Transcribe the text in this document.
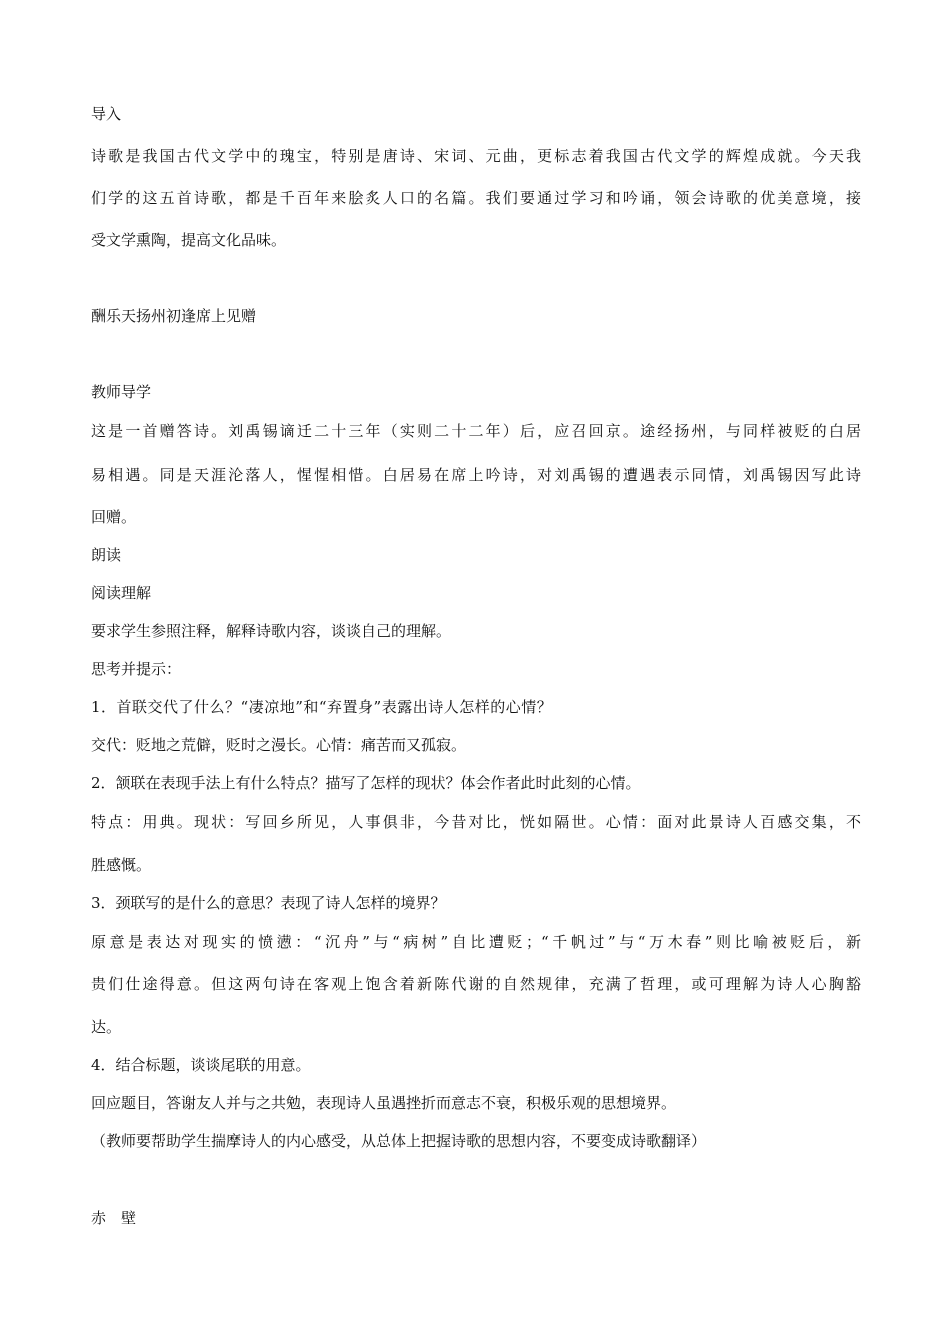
导入
诗歌是我国古代文学中的瑰宝，特别是唐诗、宋词、元曲，更标志着我国古代文学的辉煌成就。今天我
们学的这五首诗歌，都是千百年来脍炙人口的名篇。我们要通过学习和吟诵，领会诗歌的优美意境，接
受文学熏陶，提高文化品味。
酬乐天扬州初逢席上见赠
教师导学
这是一首赠答诗。刘禹锡谪迁二十三年（实则二十二年）后，应召回京。途经扬州，与同样被贬的白居
易相遇。同是天涯沦落人，惺惺相惜。白居易在席上吟诗，对刘禹锡的遭遇表示同情，刘禹锡因写此诗
回赠。
朗读
阅读理解
要求学生参照注释，解释诗歌内容，谈谈自己的理解。
思考并提示：
1．首联交代了什么？“凄凉地”和“弃置身”表露出诗人怎样的心情？
交代：贬地之荒僻，贬时之漫长。心情：痛苦而又孤寂。
2．颔联在表现手法上有什么特点？描写了怎样的现状？体会作者此时此刻的心情。
特点：用典。现状：写回乡所见，人事俱非，今昔对比，恍如隔世。心情：面对此景诗人百感交集，不
胜感慨。
3．颈联写的是什么的意思？表现了诗人怎样的境界？
原意是表达对现实的愤懑：“沉舟”与“病树”自比遭贬；“千帆过”与“万木春”则比喻被贬后，新
贵们仕途得意。但这两句诗在客观上饱含着新陈代谢的自然规律，充满了哲理，或可理解为诗人心胸豁
达。
4．结合标题，谈谈尾联的用意。
回应题目，答谢友人并与之共勉，表现诗人虽遇挫折而意志不衰，积极乐观的思想境界。
（教师要帮助学生揣摩诗人的内心感受，从总体上把握诗歌的思想内容，不要变成诗歌翻译）
赤　壁
